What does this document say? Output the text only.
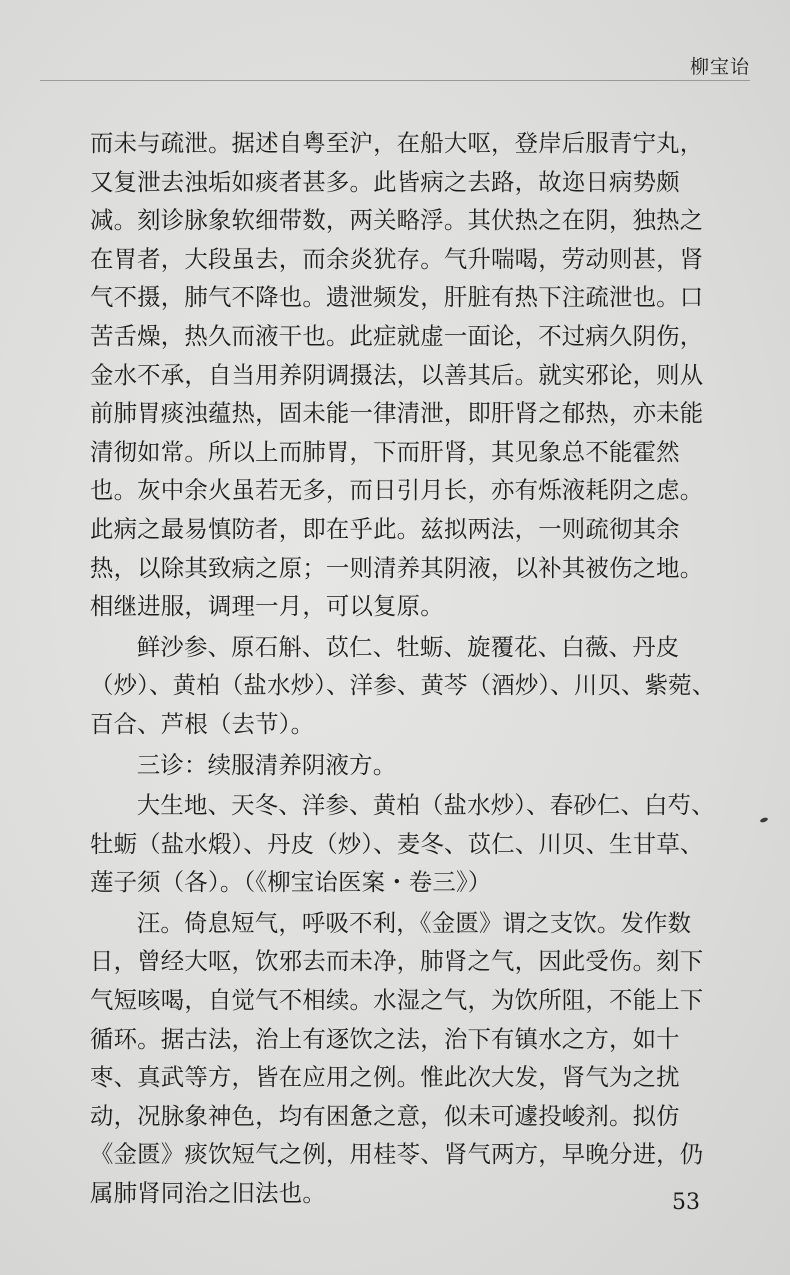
柳宝诒

而未与疏泄。据述自粤至沪，在船大呕，登岸后服青宁丸，又复泄去浊垢如痰者甚多。此皆病之去路，故迩日病势颇减。刻诊脉象软细带数，两关略浮。其伏热之在阴，独热之在胃者，大段虽去，而余炎犹存。气升喘喝，劳动则甚，肾气不摄，肺气不降也。遗泄频发，肝脏有热下注疏泄也。口苦舌燥，热久而液干也。此症就虚一面论，不过病久阴伤，金水不承，自当用养阴调摄法，以善其后。就实邪论，则从前肺胃痰浊蕴热，固未能一律清泄，即肝肾之郁热，亦未能清彻如常。所以上而肺胃，下而肝肾，其见象总不能霍然也。灰中余火虽若无多，而日引月长，亦有烁液耗阴之虑。此病之最易慎防者，即在乎此。兹拟两法，一则疏彻其余热，以除其致病之原；一则清养其阴液，以补其被伤之地。相继进服，调理一月，可以复原。

鲜沙参、原石斛、苡仁、牡蛎、旋覆花、白薇、丹皮（炒）、黄柏（盐水炒）、洋参、黄芩（酒炒）、川贝、紫菀、百合、芦根（去节）。

三诊：续服清养阴液方。

大生地、天冬、洋参、黄柏（盐水炒）、春砂仁、白芍、牡蛎（盐水煅）、丹皮（炒）、麦冬、苡仁、川贝、生甘草、莲子须（各）。（《柳宝诒医案・卷三》）

汪。倚息短气，呼吸不利，《金匮》谓之支饮。发作数日，曾经大呕，饮邪去而未净，肺肾之气，因此受伤。刻下气短咳喝，自觉气不相续。水湿之气，为饮所阻，不能上下循环。据古法，治上有逐饮之法，治下有镇水之方，如十枣、真武等方，皆在应用之例。惟此次大发，肾气为之扰动，况脉象神色，均有困惫之意，似未可遽投峻剂。拟仿《金匮》痰饮短气之例，用桂苓、肾气两方，早晚分进，仍属肺肾同治之旧法也。	53
